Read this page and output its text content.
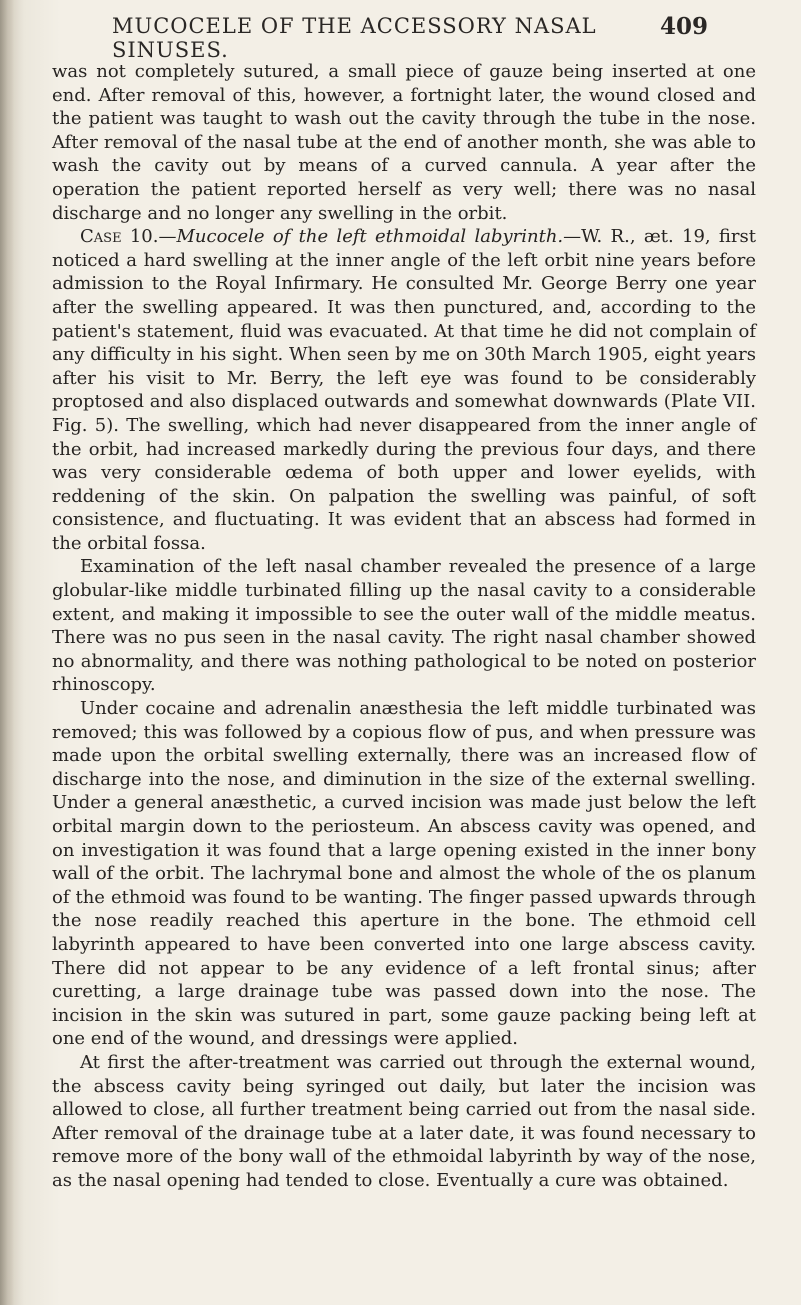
MUCOCELE OF THE ACCESSORY NASAL SINUSES.
409

was not completely sutured, a small piece of gauze being inserted at one end. After removal of this, however, a fortnight later, the wound closed and the patient was taught to wash out the cavity through the tube in the nose. After removal of the nasal tube at the end of another month, she was able to wash the cavity out by means of a curved cannula. A year after the operation the patient reported herself as very well; there was no nasal discharge and no longer any swelling in the orbit.

Case 10.—Mucocele of the left ethmoidal labyrinth.—W. R., æt. 19, first noticed a hard swelling at the inner angle of the left orbit nine years before admission to the Royal Infirmary. He consulted Mr. George Berry one year after the swelling appeared. It was then punctured, and, according to the patient's statement, fluid was evacuated. At that time he did not complain of any difficulty in his sight. When seen by me on 30th March 1905, eight years after his visit to Mr. Berry, the left eye was found to be considerably proptosed and also displaced outwards and somewhat downwards (Plate VII. Fig. 5). The swelling, which had never disappeared from the inner angle of the orbit, had increased markedly during the previous four days, and there was very considerable œdema of both upper and lower eyelids, with reddening of the skin. On palpation the swelling was painful, of soft consistence, and fluctuating. It was evident that an abscess had formed in the orbital fossa.

Examination of the left nasal chamber revealed the presence of a large globular-like middle turbinated filling up the nasal cavity to a considerable extent, and making it impossible to see the outer wall of the middle meatus. There was no pus seen in the nasal cavity. The right nasal chamber showed no abnormality, and there was nothing pathological to be noted on posterior rhinoscopy.

Under cocaine and adrenalin anæsthesia the left middle turbinated was removed; this was followed by a copious flow of pus, and when pressure was made upon the orbital swelling externally, there was an increased flow of discharge into the nose, and diminution in the size of the external swelling. Under a general anæsthetic, a curved incision was made just below the left orbital margin down to the periosteum. An abscess cavity was opened, and on investigation it was found that a large opening existed in the inner bony wall of the orbit. The lachrymal bone and almost the whole of the os planum of the ethmoid was found to be wanting. The finger passed upwards through the nose readily reached this aperture in the bone. The ethmoid cell labyrinth appeared to have been converted into one large abscess cavity. There did not appear to be any evidence of a left frontal sinus; after curetting, a large drainage tube was passed down into the nose. The incision in the skin was sutured in part, some gauze packing being left at one end of the wound, and dressings were applied.

At first the after-treatment was carried out through the external wound, the abscess cavity being syringed out daily, but later the incision was allowed to close, all further treatment being carried out from the nasal side. After removal of the drainage tube at a later date, it was found necessary to remove more of the bony wall of the ethmoidal labyrinth by way of the nose, as the nasal opening had tended to close. Eventually a cure was obtained.
